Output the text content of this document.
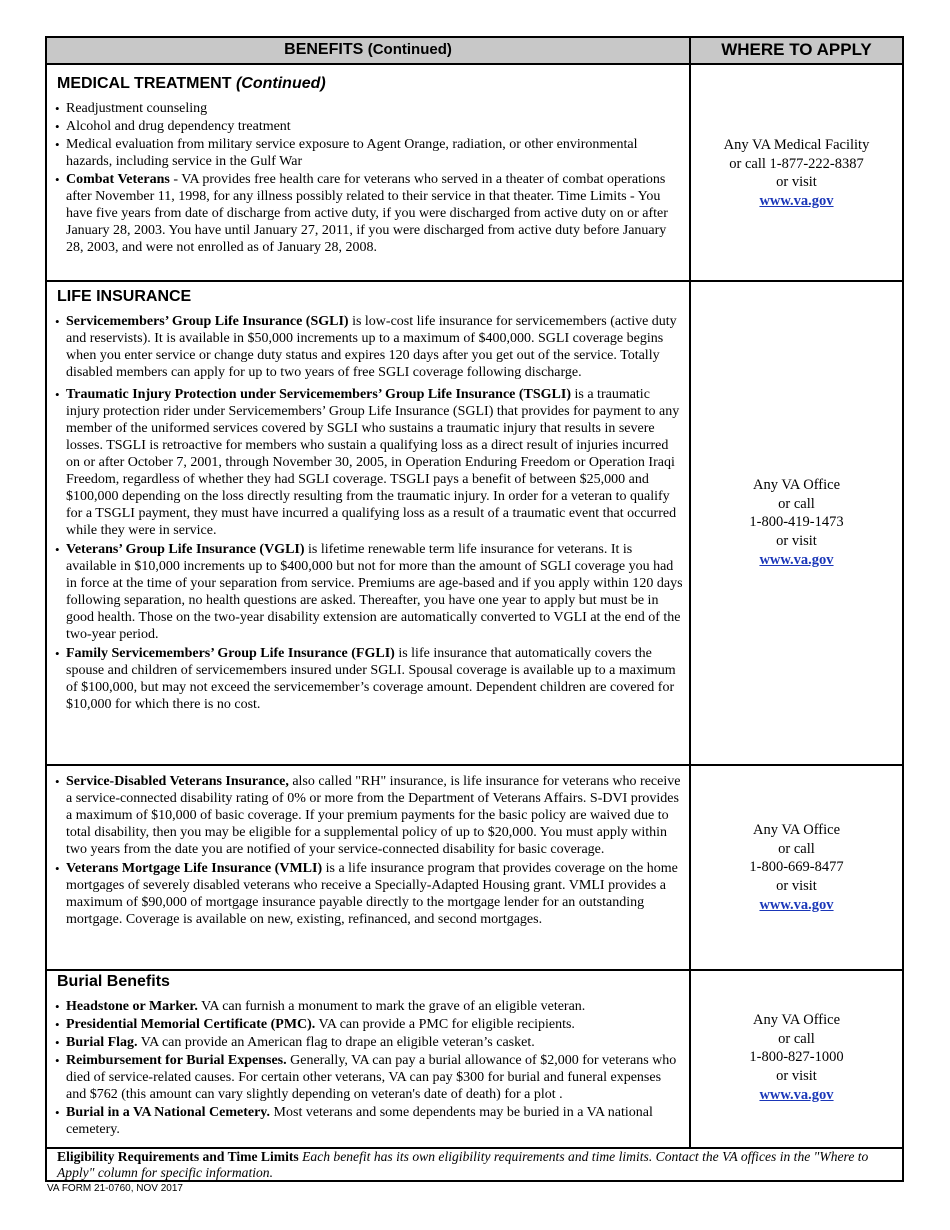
BENEFITS (Continued)	WHERE TO APPLY
MEDICAL TREATMENT (Continued)
• Readjustment counseling
• Alcohol and drug dependency treatment
• Medical evaluation from military service exposure to Agent Orange, radiation, or other environmental hazards, including service in the Gulf War
• Combat Veterans - VA provides free health care for veterans who served in a theater of combat operations after November 11, 1998, for any illness possibly related to their service in that theater. Time Limits - You have five years from date of discharge from active duty, if you were discharged from active duty on or after January 28, 2003. You have until January 27, 2011, if you were discharged from active duty before January 28, 2003, and were not enrolled as of January 28, 2008.
Any VA Medical Facility
or call 1-877-222-8387
or visit
www.va.gov
LIFE INSURANCE
• Servicemembers’ Group Life Insurance (SGLI) is low-cost life insurance for servicemembers (active duty and reservists). It is available in $50,000 increments up to a maximum of $400,000. SGLI coverage begins when you enter service or change duty status and expires 120 days after you get out of the service. Totally disabled members can apply for up to two years of free SGLI coverage following discharge.
• Traumatic Injury Protection under Servicemembers’ Group Life Insurance (TSGLI) is a traumatic injury protection rider under Servicemembers’ Group Life Insurance (SGLI) that provides for payment to any member of the uniformed services covered by SGLI who sustains a traumatic injury that results in severe losses. TSGLI is retroactive for members who sustain a qualifying loss as a direct result of injuries incurred on or after October 7, 2001, through November 30, 2005, in Operation Enduring Freedom or Operation Iraqi Freedom, regardless of whether they had SGLI coverage. TSGLI pays a benefit of between $25,000 and $100,000 depending on the loss directly resulting from the traumatic injury. In order for a veteran to qualify for a TSGLI payment, they must have incurred a qualifying loss as a result of a traumatic event that occurred while they were in service.
• Veterans’ Group Life Insurance (VGLI) is lifetime renewable term life insurance for veterans. It is available in $10,000 increments up to $400,000 but not for more than the amount of SGLI coverage you had in force at the time of your separation from service. Premiums are age-based and if you apply within 120 days following separation, no health questions are asked. Thereafter, you have one year to apply but must be in good health. Those on the two-year disability extension are automatically converted to VGLI at the end of the two-year period.
• Family Servicemembers’ Group Life Insurance (FGLI) is life insurance that automatically covers the spouse and children of servicemembers insured under SGLI. Spousal coverage is available up to a maximum of $100,000, but may not exceed the servicemember’s coverage amount. Dependent children are covered for $10,000 for which there is no cost.
Any VA Office
or call
1-800-419-1473
or visit
www.va.gov
• Service-Disabled Veterans Insurance, also called "RH" insurance, is life insurance for veterans who receive a service-connected disability rating of 0% or more from the Department of Veterans Affairs. S-DVI provides a maximum of $10,000 of basic coverage. If your premium payments for the basic policy are waived due to total disability, then you may be eligible for a supplemental policy of up to $20,000. You must apply within two years from the date you are notified of your service-connected disability for basic coverage.
• Veterans Mortgage Life Insurance (VMLI) is a life insurance program that provides coverage on the home mortgages of severely disabled veterans who receive a Specially-Adapted Housing grant. VMLI provides a maximum of $90,000 of mortgage insurance payable directly to the mortgage lender for an outstanding mortgage. Coverage is available on new, existing, refinanced, and second mortgages.
Any VA Office
or call
1-800-669-8477
or visit
www.va.gov
Burial Benefits
• Headstone or Marker. VA can furnish a monument to mark the grave of an eligible veteran.
• Presidential Memorial Certificate (PMC). VA can provide a PMC for eligible recipients.
• Burial Flag. VA can provide an American flag to drape an eligible veteran’s casket.
• Reimbursement for Burial Expenses. Generally, VA can pay a burial allowance of $2,000 for veterans who died of service-related causes. For certain other veterans, VA can pay $300 for burial and funeral expenses and $762 (this amount can vary slightly depending on veteran's date of death) for a plot .
• Burial in a VA National Cemetery. Most veterans and some dependents may be buried in a VA national cemetery.
Any VA Office
or call
1-800-827-1000
or visit
www.va.gov
Eligibility Requirements and Time Limits Each benefit has its own eligibility requirements and time limits. Contact the VA offices in the "Where to Apply" column for specific information.
VA FORM 21-0760, NOV 2017
